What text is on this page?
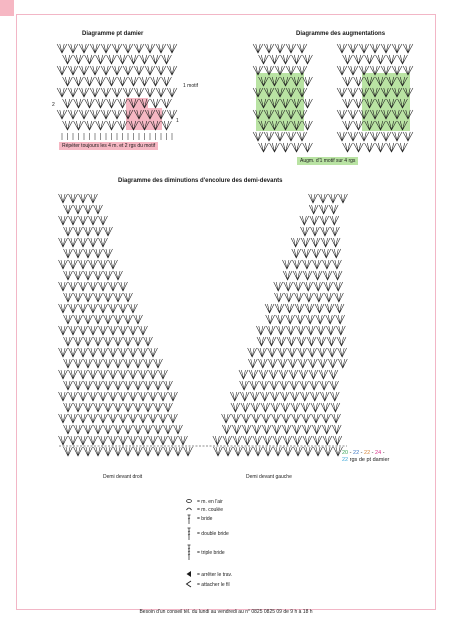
Diagramme pt damier
1 motif
2
1
Répéter toujours les 4 m. et 2 rgs du motif
Diagramme des augmentations
Augm. d'1 motif sur 4 rgs
Diagramme des diminutions d'encolure des demi-devants
Demi devant droit	Demi devant gauche
20 - 22 - 22 - 24 -
22 rgs de pt damier
= m. en l'air
= m. coulée
= bride
= double bride
= triple bride
= arrêter le trav.
= attacher le fil
Besoin d'un conseil tél. du lundi au vendredi au n° 0825 0825 09 de 9 h à 18 h
